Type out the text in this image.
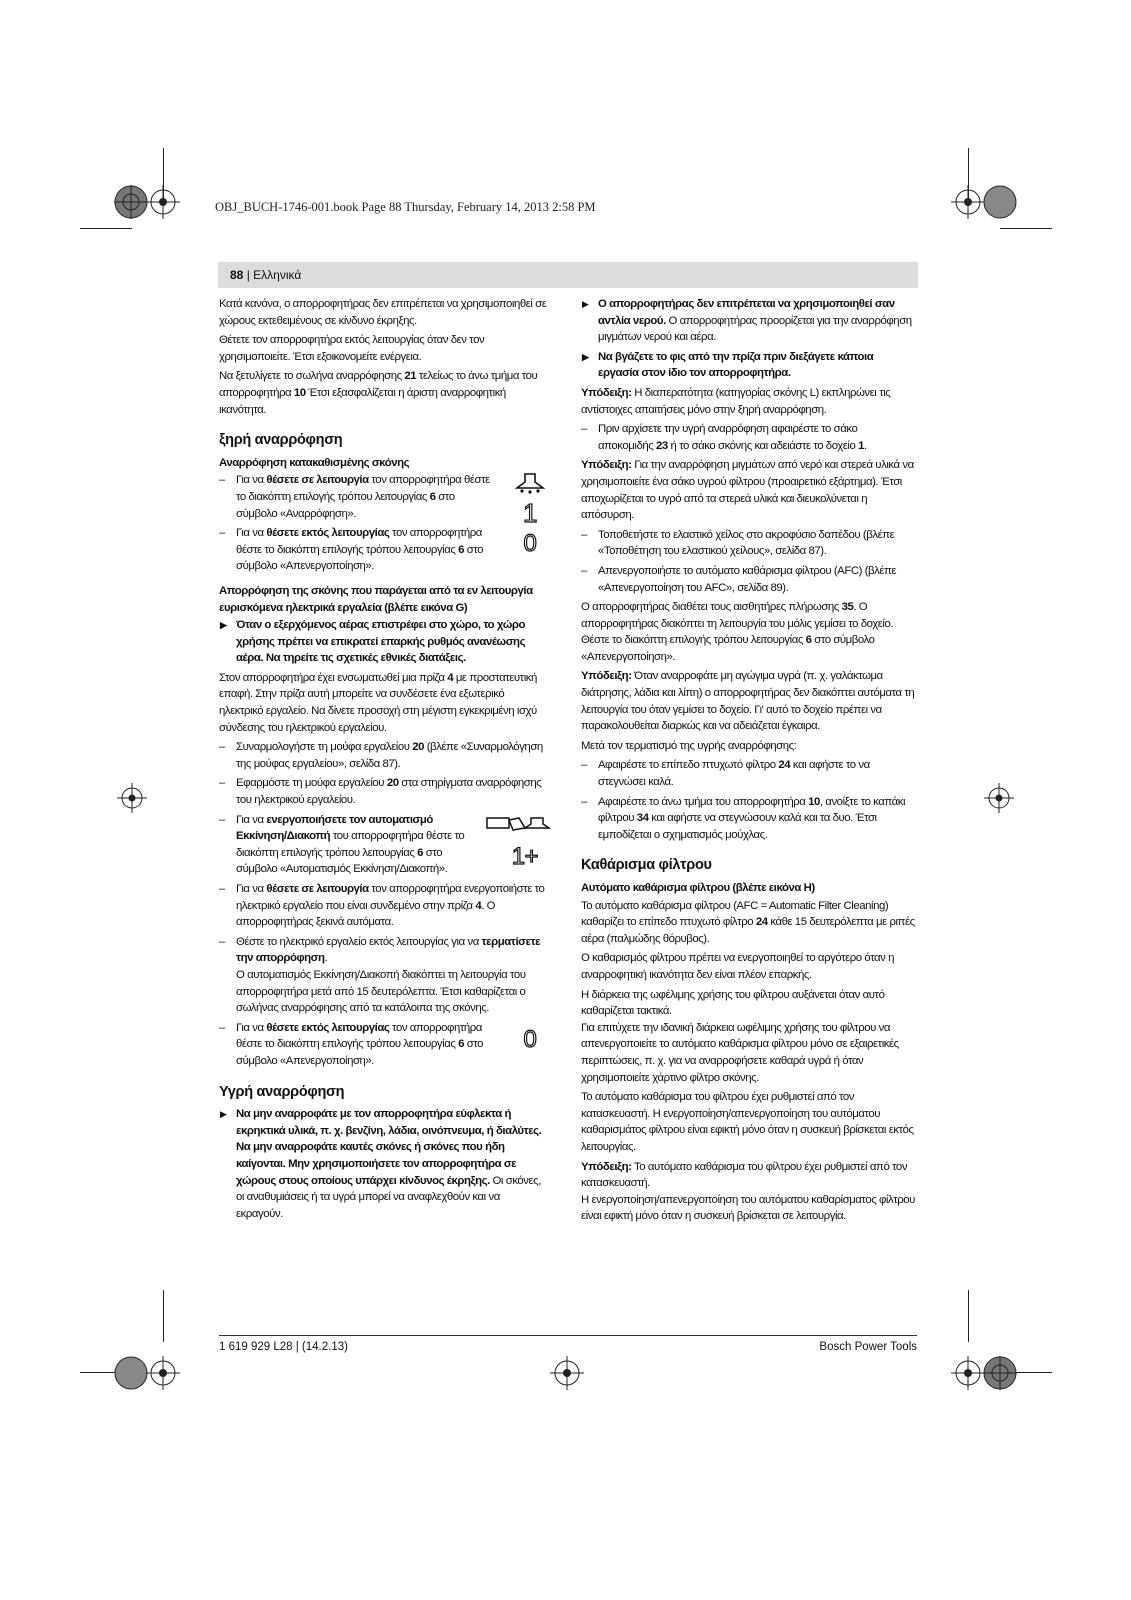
OBJ_BUCH-1746-001.book Page 88 Thursday, February 14, 2013 2:58 PM
88 | Ελληνικά

Κατά κανόνα, ο απορροφητήρας δεν επιτρέπεται να χρησιμοποιηθεί σε χώρους εκτεθειμένους σε κίνδυνο έκρηξης.

Θέτετε τον απορροφητήρα εκτός λειτουργίας όταν δεν τον χρησιμοποιείτε. Έτσι εξοικονομείτε ενέργεια.

Να ξετυλίγετε το σωλήνα αναρρόφησης 21 τελείως το άνω τμήμα του απορροφητήρα 10 Έτσι εξασφαλίζεται η άριστη αναρροφητική ικανότητα.

ξηρή αναρρόφηση
Αναρρόφηση κατακαθισμένης σκόνης
1
0

– Για να θέσετε σε λειτουργία τον απορροφητήρα θέστε το διακόπτη επιλογής τρόπου λειτουργίας 6 στο σύμβολο «Αναρρόφηση».

– Για να θέσετε εκτός λειτουργίας τον απορροφητήρα θέστε το διακόπτη επιλογής τρόπου λειτουργίας 6 στο σύμβολο «Απενεργοποίηση».

Απορρόφηση της σκόνης που παράγεται από τα εν λειτουργία ευρισκόμενα ηλεκτρικά εργαλεία (βλέπε εικόνα G)

▶ Όταν ο εξερχόμενος αέρας επιστρέφει στο χώρο, το χώρο χρήσης πρέπει να επικρατεί επαρκής ρυθμός ανανέωσης αέρα. Να τηρείτε τις σχετικές εθνικές διατάξεις.

Στον απορροφητήρα έχει ενσωματωθεί μια πρίζα 4 με προστατευτική επαφή. Στην πρίζα αυτή μπορείτε να συνδέσετε ένα εξωτερικό ηλεκτρικό εργαλείο. Να δίνετε προσοχή στη μέγιστη εγκεκριμένη ισχύ σύνδεσης του ηλεκτρικού εργαλείου.

– Συναρμολογήστε τη μούφα εργαλείου 20 (βλέπε «Συναρμολόγηση της μούφας εργαλείου», σελίδα 87).

– Εφαρμόστε τη μούφα εργαλείου 20 στα στηρίγματα αναρρόφησης του ηλεκτρικού εργαλείου.

1+

– Για να ενεργοποιήσετε τον αυτοματισμό Εκκίνηση/Διακοπή του απορροφητήρα θέστε το διακόπτη επιλογής τρόπου λειτουργίας 6 στο σύμβολο «Αυτοματισμός Εκκίνηση/Διακοπή».

– Για να θέσετε σε λειτουργία τον απορροφητήρα ενεργοποιήστε το ηλεκτρικό εργαλείο που είναι συνδεμένο στην πρίζα 4. Ο απορροφητήρας ξεκινά αυτόματα.

– Θέστε το ηλεκτρικό εργαλείο εκτός λειτουργίας για να τερματίσετε την απορρόφηση.
Ο αυτοματισμός Εκκίνηση/Διακοπή διακόπτει τη λειτουργία του απορροφητήρα μετά από 15 δευτερόλεπτα. Έτσι καθαρίζεται ο σωλήνας αναρρόφησης από τα κατάλοιπα της σκόνης.

0

– Για να θέσετε εκτός λειτουργίας τον απορροφητήρα θέστε το διακόπτη επιλογής τρόπου λειτουργίας 6 στο σύμβολο «Απενεργοποίηση».

Υγρή αναρρόφηση

▶ Να μην αναρροφάτε με τον απορροφητήρα εύφλεκτα ή εκρηκτικά υλικά, π. χ. βενζίνη, λάδια, οινόπνευμα, ή διαλύτες. Να μην αναρροφάτε καυτές σκόνες ή σκόνες που ήδη καίγονται. Μην χρησιμοποιήσετε τον απορροφητήρα σε χώρους στους οποίους υπάρχει κίνδυνος έκρηξης. Οι σκόνες, οι αναθυμιάσεις ή τα υγρά μπορεί να αναφλεχθούν και να εκραγούν.

▶ Ο απορροφητήρας δεν επιτρέπεται να χρησιμοποιηθεί σαν αντλία νερού. Ο απορροφητήρας προορίζεται για την αναρρόφηση μιγμάτων νερού και αέρα.

▶ Να βγάζετε το φις από την πρίζα πριν διεξάγετε κάποια εργασία στον ίδιο τον απορροφητήρα.

Υπόδειξη: Η διαπερατότητα (κατηγορίας σκόνης L) εκπληρώνει τις αντίστοιχες απαιτήσεις μόνο στην ξηρή αναρρόφηση.

– Πριν αρχίσετε την υγρή αναρρόφηση αφαιρέστε το σάκο αποκομιδής 23 ή το σάκο σκόνης και αδειάστε το δοχείο 1.

Υπόδειξη: Για την αναρρόφηση μιγμάτων από νερό και στερεά υλικά να χρησιμοποιείτε ένα σάκο υγρού φίλτρου (προαιρετικό εξάρτημα). Έτσι αποχωρίζεται το υγρό από τα στερεά υλικά και διευκολύνεται η απόσυρση.

– Τοποθετήστε το ελαστικό χείλος στο ακροφύσιο δαπέδου (βλέπε «Τοποθέτηση του ελαστικού χείλους», σελίδα 87).

– Απενεργοποιήστε το αυτόματο καθάρισμα φίλτρου (AFC) (βλέπε «Απενεργοποίηση του AFC», σελίδα 89).

Ο απορροφητήρας διαθέτει τους αισθητήρες πλήρωσης 35. Ο απορροφητήρας διακόπτει τη λειτουργία του μόλις γεμίσει το δοχείο. Θέστε το διακόπτη επιλογής τρόπου λειτουργίας 6 στο σύμβολο «Απενεργοποίηση».

Υπόδειξη: Όταν αναρροφάτε μη αγώγιμα υγρά (π. χ. γαλάκτωμα διάτρησης, λάδια και λίπη) ο απορροφητήρας δεν διακόπτει αυτόματα τη λειτουργία του όταν γεμίσει το δοχείο. Γι' αυτό το δοχείο πρέπει να παρακολουθείται διαρκώς και να αδειάζεται έγκαιρα.

Μετά τον τερματισμό της υγρής αναρρόφησης:

– Αφαιρέστε το επίπεδο πτυχωτό φίλτρο 24 και αφήστε το να στεγνώσει καλά.

– Αφαιρέστε το άνω τμήμα του απορροφητήρα 10, ανοίξτε το καπάκι φίλτρου 34 και αφήστε να στεγνώσουν καλά και τα δυο. Έτσι εμποδίζεται ο σχηματισμός μούχλας.

Καθάρισμα φίλτρου
Αυτόματο καθάρισμα φίλτρου (βλέπε εικόνα H)

Το αυτόματο καθάρισμα φίλτρου (AFC = Automatic Filter Cleaning) καθαρίζει το επίπεδο πτυχωτό φίλτρο 24 κάθε 15 δευτερόλεπτα με ριπές αέρα (παλμώδης θόρυβος).

Ο καθαρισμός φίλτρου πρέπει να ενεργοποιηθεί το αργότερο όταν η αναρροφητική ικανότητα δεν είναι πλέον επαρκής.

Η διάρκεια της ωφέλιμης χρήσης του φίλτρου αυξάνεται όταν αυτό καθαρίζεται τακτικά.

Για επιτύχετε την ιδανική διάρκεια ωφέλιμης χρήσης του φίλτρου να απενεργοποιείτε το αυτόματο καθάρισμα φίλτρου μόνο σε εξαιρετικές περιπτώσεις, π. χ. για να αναρροφήσετε καθαρά υγρά ή όταν χρησιμοποιείτε χάρτινο φίλτρο σκόνης.

Το αυτόματο καθάρισμα του φίλτρου έχει ρυθμιστεί από τον κατασκευαστή. Η ενεργοποίηση/απενεργοποίηση του αυτόματου καθαρισμάτος φίλτρου είναι εφικτή μόνο όταν η συσκευή βρίσκεται εκτός λειτουργίας.

Υπόδειξη: Το αυτόματο καθάρισμα του φίλτρου έχει ρυθμιστεί από τον κατασκευαστή.

Η ενεργοποίηση/απενεργοποίηση του αυτόματου καθαρίσματος φίλτρου είναι εφικτή μόνο όταν η συσκευή βρίσκεται σε λειτουργία.

1 619 929 L28 | (14.2.13)	Bosch Power Tools
